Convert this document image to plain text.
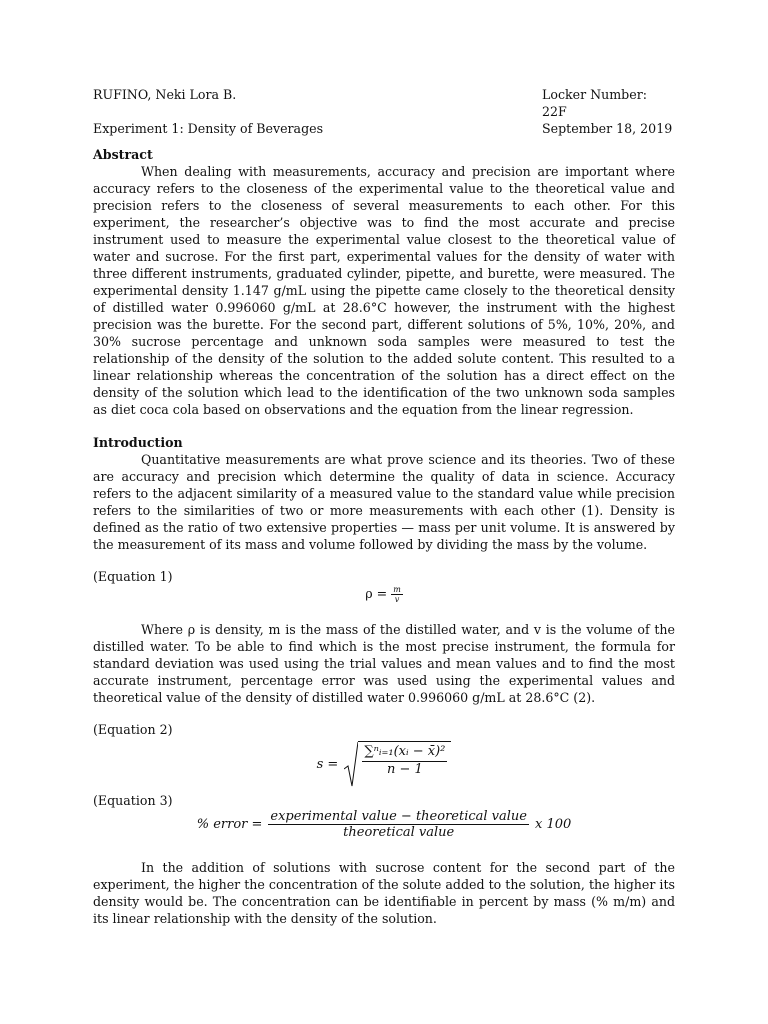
RUFINO, Neki Lora B.	Locker Number: 22F
Experiment 1: Density of Beverages	September 18, 2019
Abstract

When dealing with measurements, accuracy and precision are important where accuracy refers to the closeness of the experimental value to the theoretical value and precision refers to the closeness of several measurements to each other. For this experiment, the researcher’s objective was to find the most accurate and precise instrument used to measure the experimental value closest to the theoretical value of water and sucrose. For the first part, experimental values for the density of water with three different instruments, graduated cylinder, pipette, and burette, were measured. The experimental density 1.147 g/mL using the pipette came closely to the theoretical density of distilled water 0.996060 g/mL at 28.6°C however, the instrument with the highest precision was the burette. For the second part, different solutions of 5%, 10%, 20%, and 30% sucrose percentage and unknown soda samples were measured to test the relationship of the density of the solution to the added solute content. This resulted to a linear relationship whereas the concentration of the solution has a direct effect on the density of the solution which lead to the identification of the two unknown soda samples as diet coca cola based on observations and the equation from the linear regression.

Introduction

Quantitative measurements are what prove science and its theories. Two of these are accuracy and precision which determine the quality of data in science. Accuracy refers to the adjacent similarity of a measured value to the standard value while precision refers to the similarities of two or more measurements with each other (1). Density is defined as the ratio of two extensive properties — mass per unit volume. It is answered by the measurement of its mass and volume followed by dividing the mass by the volume.

(Equation 1)
$\rho = \frac{m}{v}$

Where ρ is density, m is the mass of the distilled water, and v is the volume of the distilled water. To be able to find which is the most precise instrument, the formula for standard deviation was used using the trial values and mean values and to find the most accurate instrument, percentage error was used using the experimental values and theoretical value of the density of distilled water 0.996060 g/mL at 28.6°C (2).

(Equation 2)
$s = \frac{\text{∑ⁿᵢ₌₁(xᵢ − x̄)²}}{n - 1}$
(Equation 3)
% error = $\frac{\text{experimental value − theoretical value}}{\text{theoretical value}}$ x 100

In the addition of solutions with sucrose content for the second part of the experiment, the higher the concentration of the solute added to the solution, the higher its density would be. The concentration can be identifiable in percent by mass (% m/m) and its linear relationship with the density of the solution.
